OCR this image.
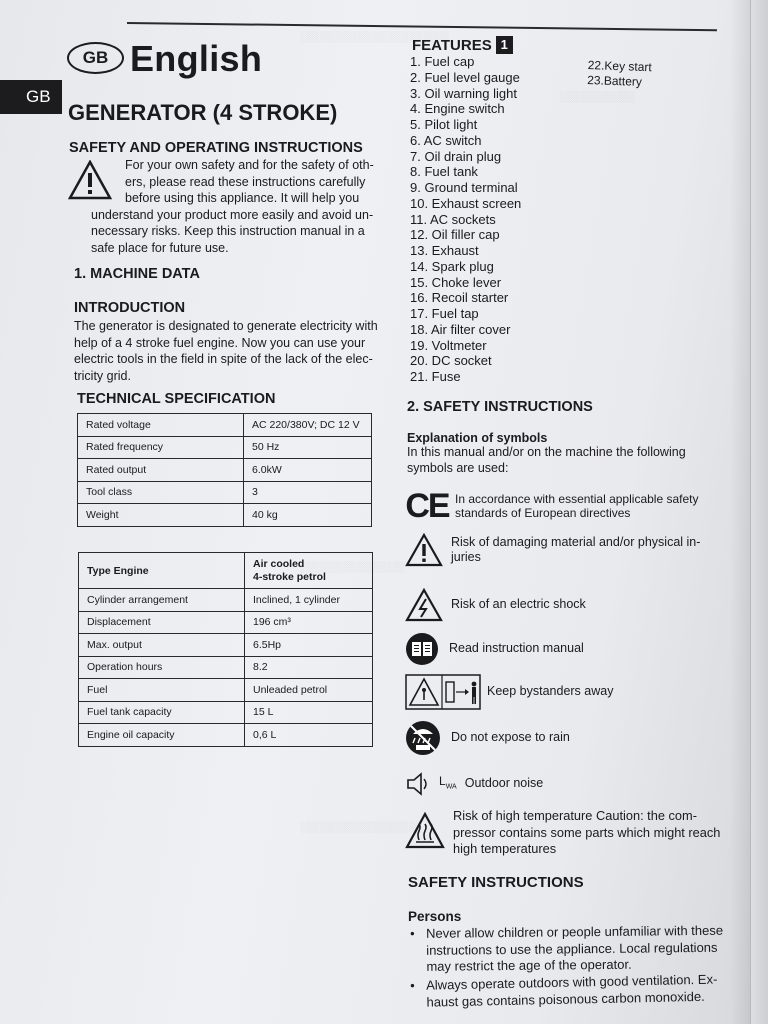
░░░░░░░░░░░░░░░░░░░░
░░░░░░░░░░
░░░░░░░░░░░░░░
░░░░░░░░░░░░░░░░
GB
GB English
GENERATOR (4 STROKE)
SAFETY AND OPERATING INSTRUCTIONS
For your own safety and for the safety of oth-
ers, please read these instructions carefully
before using this appliance. It will help you
understand your product more easily and avoid un-
necessary risks. Keep this instruction manual in a
safe place for future use.
1. MACHINE DATA
INTRODUCTION
The generator is designated to generate electricity with
help of a 4 stroke fuel engine. Now you can use your
electric tools in the field in spite of the lack of the elec-
tricity grid.
TECHNICAL SPECIFICATION
Rated voltage	AC 220/380V; DC 12 V
Rated frequency	50 Hz
Rated output	6.0kW
Tool class	3
Weight	40 kg
Type Engine	Air cooled
4-stroke petrol
Cylinder arrangement	Inclined, 1 cylinder
Displacement	196 cm³
Max. output	6.5Hp
Operation hours	8.2
Fuel	Unleaded petrol
Fuel tank capacity	15 L
Engine oil capacity	0,6 L
FEATURES 1
1. Fuel cap
2. Fuel level gauge
3. Oil warning light
4. Engine switch
5. Pilot light
6. AC switch
7. Oil drain plug
8. Fuel tank
9. Ground terminal
10. Exhaust screen
11. AC sockets
12. Oil filler cap
13. Exhaust
14. Spark plug
15. Choke lever
16. Recoil starter
17. Fuel tap
18. Air filter cover
19. Voltmeter
20. DC socket
21. Fuse
22.Key start
23.Battery
2. SAFETY INSTRUCTIONS
Explanation of symbols
In this manual and/or on the machine the following
symbols are used:
CE In accordance with essential applicable safety
standards of European directives
Risk of damaging material and/or physical in-
juries
Risk of an electric shock
Read instruction manual
Keep bystanders away
Do not expose to rain
$L_{WA}$ Outdoor noise
Risk of high temperature Caution: the com-
pressor contains some parts which might reach
high temperatures
SAFETY INSTRUCTIONS
Persons
• Never allow children or people unfamiliar with these
instructions to use the appliance. Local regulations
may restrict the age of the operator.
• Always operate outdoors with good ventilation. Ex-
haust gas contains poisonous carbon monoxide.
